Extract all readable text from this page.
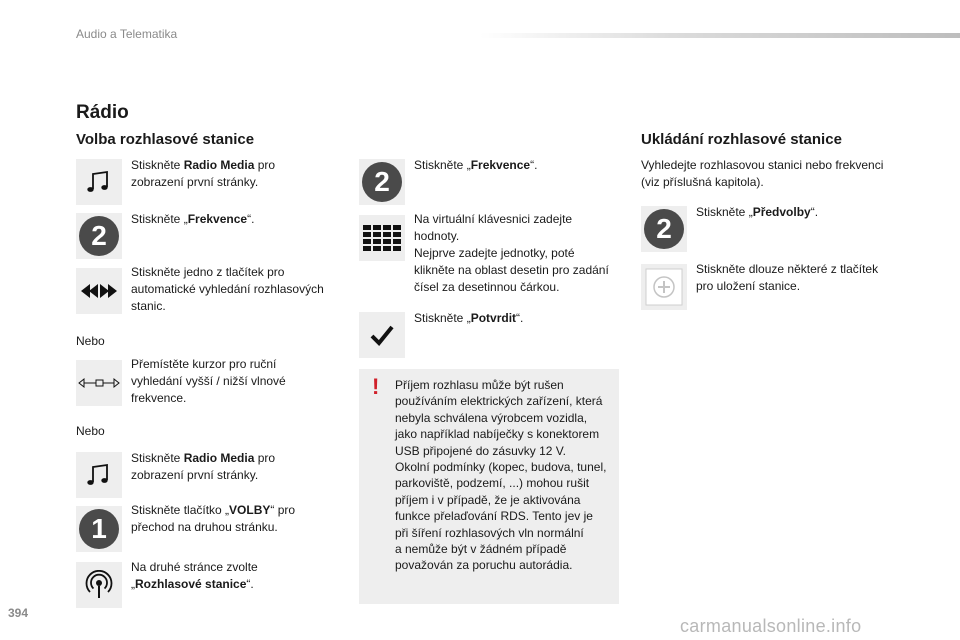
Audio a Telematika
Rádio
Volba rozhlasové stanice
Stiskněte Radio Media pro
zobrazení první stránky.
2
Stiskněte „Frekvence“.
Stiskněte jedno z tlačítek pro
automatické vyhledání rozhlasových
stanic.
Nebo
Přemístěte kurzor pro ruční
vyhledání vyšší / nižší vlnové
frekvence.
Nebo
Stiskněte Radio Media pro
zobrazení první stránky.
1
Stiskněte tlačítko „VOLBY“ pro
přechod na druhou stránku.
Na druhé stránce zvolte
„Rozhlasové stanice“.
2
Stiskněte „Frekvence“.
Na virtuální klávesnici zadejte
hodnoty.
Nejprve zadejte jednotky, poté
klikněte na oblast desetin pro zadání
čísel za desetinnou čárkou.
Stiskněte „Potvrdit“.
! Příjem rozhlasu může být rušen
používáním elektrických zařízení, která
nebyla schválena výrobcem vozidla,
jako například nabíječky s konektorem
USB připojené do zásuvky 12 V.
Okolní podmínky (kopec, budova, tunel,
parkoviště, podzemí, ...) mohou rušit
příjem i v případě, že je aktivována
funkce přelaďování RDS. Tento jev je
při šíření rozhlasových vln normální
a nemůže být v žádném případě
považován za poruchu autorádia.
Ukládání rozhlasové stanice
Vyhledejte rozhlasovou stanici nebo frekvenci
(viz příslušná kapitola).
2
Stiskněte „Předvolby“.
Stiskněte dlouze některé z tlačítek
pro uložení stanice.
394
carmanualsonline.info
